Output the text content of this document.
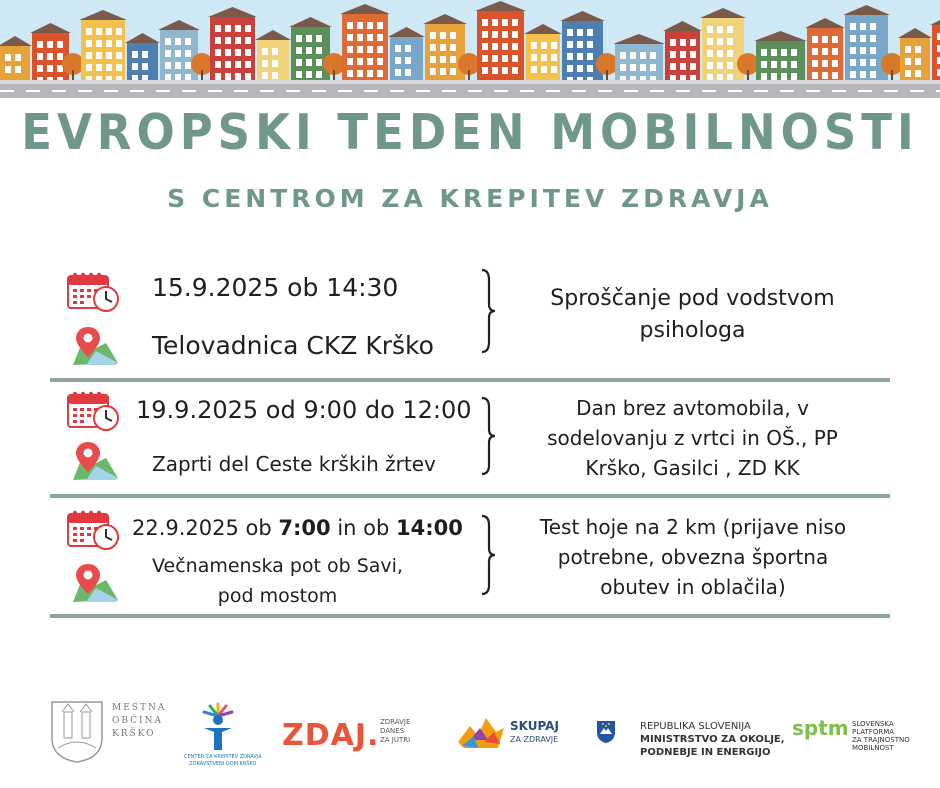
EVROPSKI TEDEN MOBILNOSTI
S CENTROM ZA KREPITEV ZDRAVJA
15.9.2025 ob 14:30
Telovadnica CKZ Krško
Sproščanje pod vodstvom
psihologa
19.9.2025 od 9:00 do 12:00
Zaprti del Ceste krških žrtev
Dan brez avtomobila, v
sodelovanju z vrtci in OŠ., PP
Krško, Gasilci , ZD KK
22.9.2025 ob 7:00 in ob 14:00
Večnamenska pot ob Savi,
pod mostom
Test hoje na 2 km (prijave niso
potrebne, obvezna športna
obutev in oblačila)
MESTNA
OBČINA
KRŠKO
CENTER ZA KREPITEV ZDRAVJA
ZDRAVSTVENI DOM KRŠKO
ZDAJ. ZDRAVJE
DANES
ZA JUTRI
SKUPAJ
ZA ZDRAVJE
REPUBLIKA SLOVENIJA
MINISTRSTVO ZA OKOLJE,
PODNEBJE IN ENERGIJO
sptm SLOVENSKA
PLATFORMA
ZA TRAJNOSTNO
MOBILNOST
